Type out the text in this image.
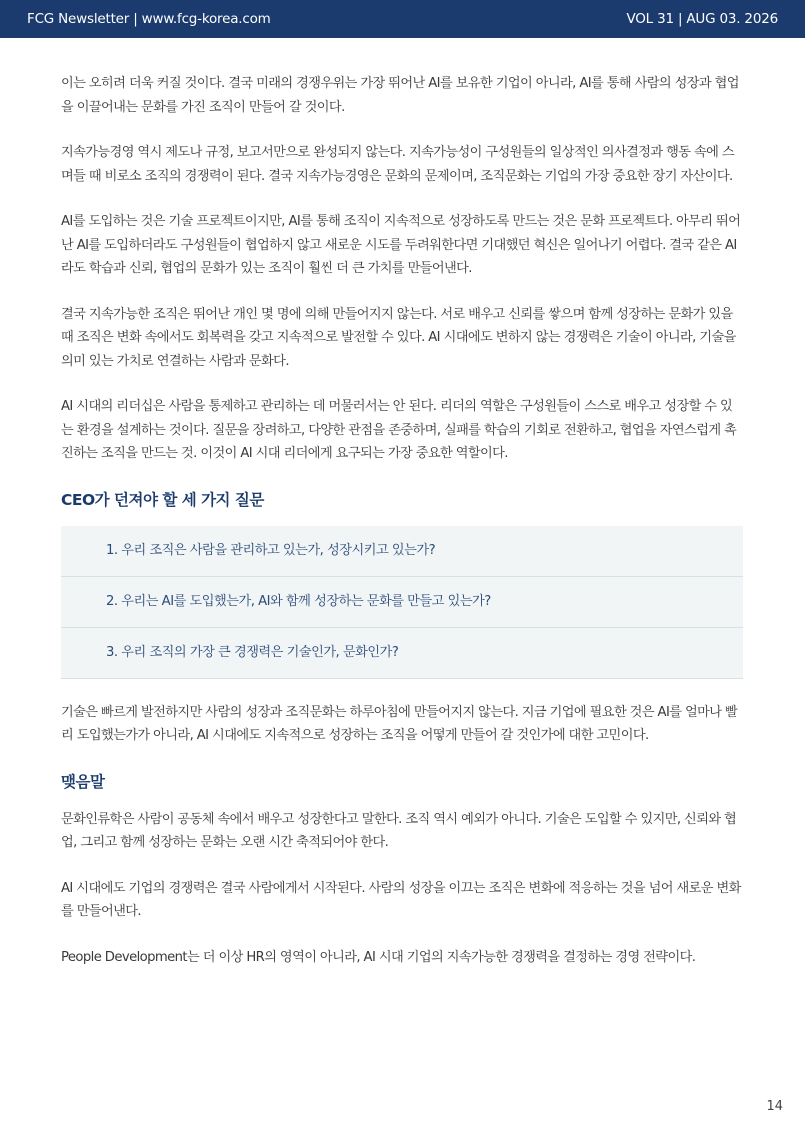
FCG Newsletter | www.fcg-korea.com	VOL 31 | AUG 03. 2026

이는 오히려 더욱 커질 것이다. 결국 미래의 경쟁우위는 가장 뛰어난 AI를 보유한 기업이 아니라, AI를 통해 사람의 성장과 협업을 이끌어내는 문화를 가진 조직이 만들어 갈 것이다.

지속가능경영 역시 제도나 규정, 보고서만으로 완성되지 않는다. 지속가능성이 구성원들의 일상적인 의사결정과 행동 속에 스며들 때 비로소 조직의 경쟁력이 된다. 결국 지속가능경영은 문화의 문제이며, 조직문화는 기업의 가장 중요한 장기 자산이다.

AI를 도입하는 것은 기술 프로젝트이지만, AI를 통해 조직이 지속적으로 성장하도록 만드는 것은 문화 프로젝트다. 아무리 뛰어난 AI를 도입하더라도 구성원들이 협업하지 않고 새로운 시도를 두려워한다면 기대했던 혁신은 일어나기 어렵다. 결국 같은 AI라도 학습과 신뢰, 협업의 문화가 있는 조직이 훨씬 더 큰 가치를 만들어낸다.

결국 지속가능한 조직은 뛰어난 개인 몇 명에 의해 만들어지지 않는다. 서로 배우고 신뢰를 쌓으며 함께 성장하는 문화가 있을 때 조직은 변화 속에서도 회복력을 갖고 지속적으로 발전할 수 있다. AI 시대에도 변하지 않는 경쟁력은 기술이 아니라, 기술을 의미 있는 가치로 연결하는 사람과 문화다.

AI 시대의 리더십은 사람을 통제하고 관리하는 데 머물러서는 안 된다. 리더의 역할은 구성원들이 스스로 배우고 성장할 수 있는 환경을 설계하는 것이다. 질문을 장려하고, 다양한 관점을 존중하며, 실패를 학습의 기회로 전환하고, 협업을 자연스럽게 촉진하는 조직을 만드는 것. 이것이 AI 시대 리더에게 요구되는 가장 중요한 역할이다.

CEO가 던져야 할 세 가지 질문
1. 우리 조직은 사람을 관리하고 있는가, 성장시키고 있는가?
2. 우리는 AI를 도입했는가, AI와 함께 성장하는 문화를 만들고 있는가?
3. 우리 조직의 가장 큰 경쟁력은 기술인가, 문화인가?

기술은 빠르게 발전하지만 사람의 성장과 조직문화는 하루아침에 만들어지지 않는다. 지금 기업에 필요한 것은 AI를 얼마나 빨리 도입했는가가 아니라, AI 시대에도 지속적으로 성장하는 조직을 어떻게 만들어 갈 것인가에 대한 고민이다.

맺음말

문화인류학은 사람이 공동체 속에서 배우고 성장한다고 말한다. 조직 역시 예외가 아니다. 기술은 도입할 수 있지만, 신뢰와 협업, 그리고 함께 성장하는 문화는 오랜 시간 축적되어야 한다.

AI 시대에도 기업의 경쟁력은 결국 사람에게서 시작된다. 사람의 성장을 이끄는 조직은 변화에 적응하는 것을 넘어 새로운 변화를 만들어낸다.

People Development는 더 이상 HR의 영역이 아니라, AI 시대 기업의 지속가능한 경쟁력을 결정하는 경영 전략이다.

14
